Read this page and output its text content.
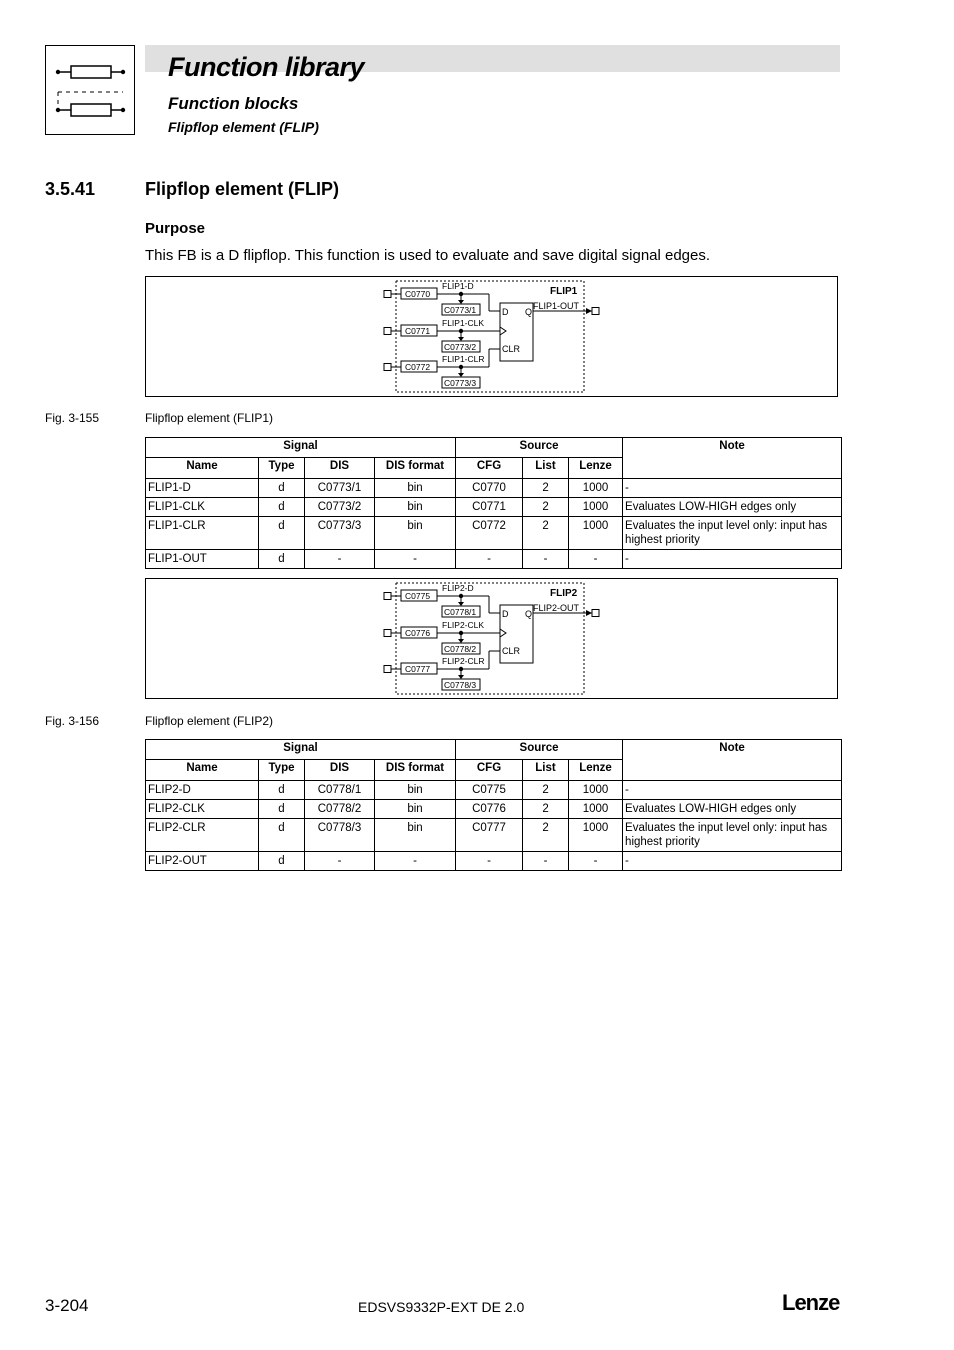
Function library
Function blocks
Flipflop element (FLIP)
3.5.41	Flipflop element (FLIP)
Purpose
This FB is a D flipflop. This function is used to evaluate and save digital signal edges.
D Q
CLR
FLIP1
FLIP1-OUT
C0770
FLIP1-D
C0773/1
C0771
FLIP1-CLK
C0773/2
C0772
FLIP1-CLR
C0773/3
Fig. 3-155	Flipflop element (FLIP1)
Signal				Source			Note
Name	Type	DIS	DIS format	CFG	List	Lenze	
FLIP1-D	d	C0773/1	bin	C0770	2	1000	-
FLIP1-CLK	d	C0773/2	bin	C0771	2	1000	Evaluates LOW-HIGH edges only
FLIP1-CLR	d	C0773/3	bin	C0772	2	1000	Evaluates the input level only: input has highest priority
FLIP1-OUT	d	-	-	-	-	-	-
D Q
CLR
FLIP2
FLIP2-OUT
C0775
FLIP2-D
C0778/1
C0776
FLIP2-CLK
C0778/2
C0777
FLIP2-CLR
C0778/3
Fig. 3-156	Flipflop element (FLIP2)
Signal				Source			Note
Name	Type	DIS	DIS format	CFG	List	Lenze	
FLIP2-D	d	C0778/1	bin	C0775	2	1000	-
FLIP2-CLK	d	C0778/2	bin	C0776	2	1000	Evaluates LOW-HIGH edges only
FLIP2-CLR	d	C0778/3	bin	C0777	2	1000	Evaluates the input level only: input has highest priority
FLIP2-OUT	d	-	-	-	-	-	-
3-204	EDSVS9332P-EXT DE 2.0	Lenze
